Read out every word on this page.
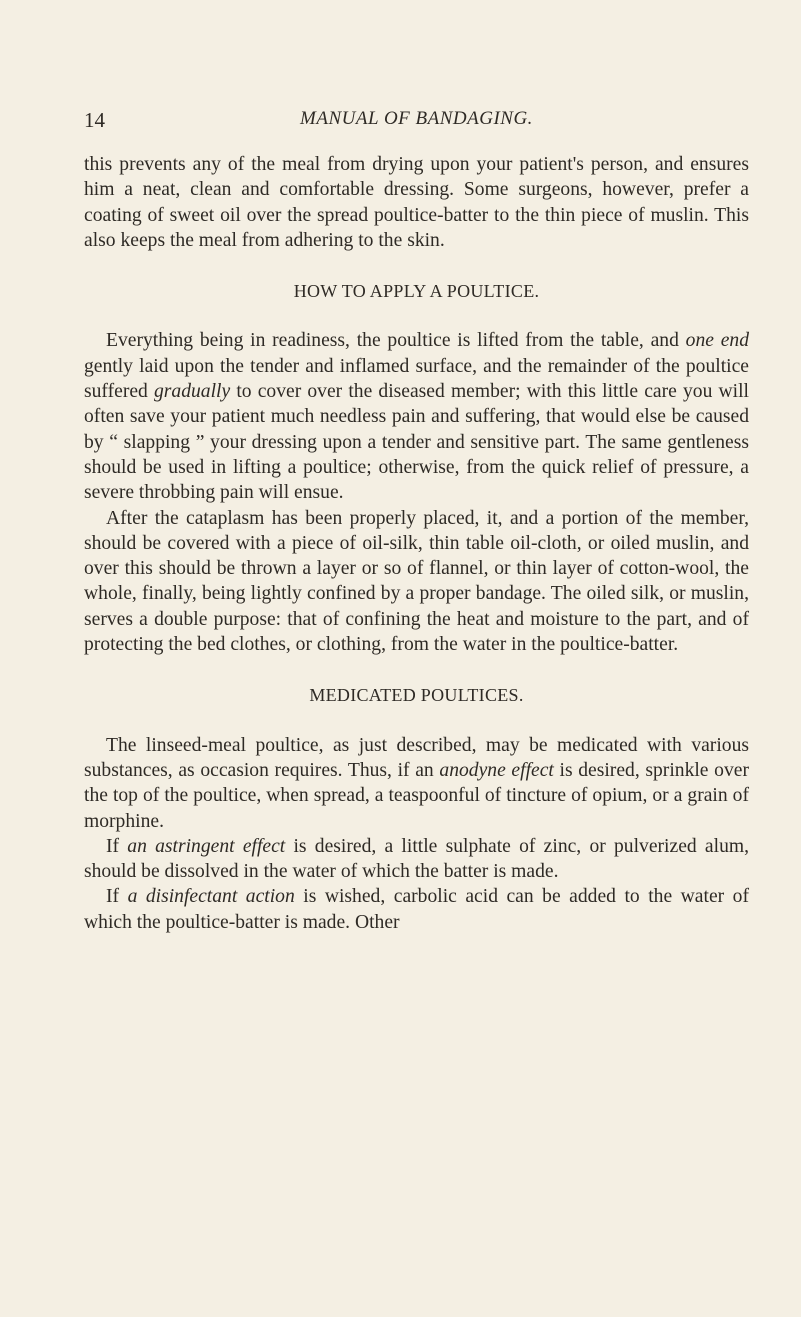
14	MANUAL OF BANDAGING.

this prevents any of the meal from drying upon your patient's person, and ensures him a neat, clean and comfortable dressing. Some surgeons, however, prefer a coating of sweet oil over the spread poultice-batter to the thin piece of muslin. This also keeps the meal from adhering to the skin.

HOW TO APPLY A POULTICE.

Everything being in readiness, the poultice is lifted from the table, and one end gently laid upon the tender and inflamed surface, and the remainder of the poultice suffered gradually to cover over the diseased member; with this little care you will often save your patient much needless pain and suffering, that would else be caused by “ slapping ” your dressing upon a tender and sensitive part. The same gentleness should be used in lifting a poultice; otherwise, from the quick relief of pressure, a severe throbbing pain will ensue.

After the cataplasm has been properly placed, it, and a portion of the member, should be covered with a piece of oil-silk, thin table oil-cloth, or oiled muslin, and over this should be thrown a layer or so of flannel, or thin layer of cotton-wool, the whole, finally, being lightly confined by a proper bandage. The oiled silk, or muslin, serves a double purpose: that of confining the heat and moisture to the part, and of protecting the bed clothes, or clothing, from the water in the poultice-batter.

MEDICATED POULTICES.

The linseed-meal poultice, as just described, may be medicated with various substances, as occasion requires. Thus, if an anodyne effect is desired, sprinkle over the top of the poultice, when spread, a teaspoonful of tincture of opium, or a grain of morphine.

If an astringent effect is desired, a little sulphate of zinc, or pulverized alum, should be dissolved in the water of which the batter is made.

If a disinfectant action is wished, carbolic acid can be added to the water of which the poultice-batter is made. Other
